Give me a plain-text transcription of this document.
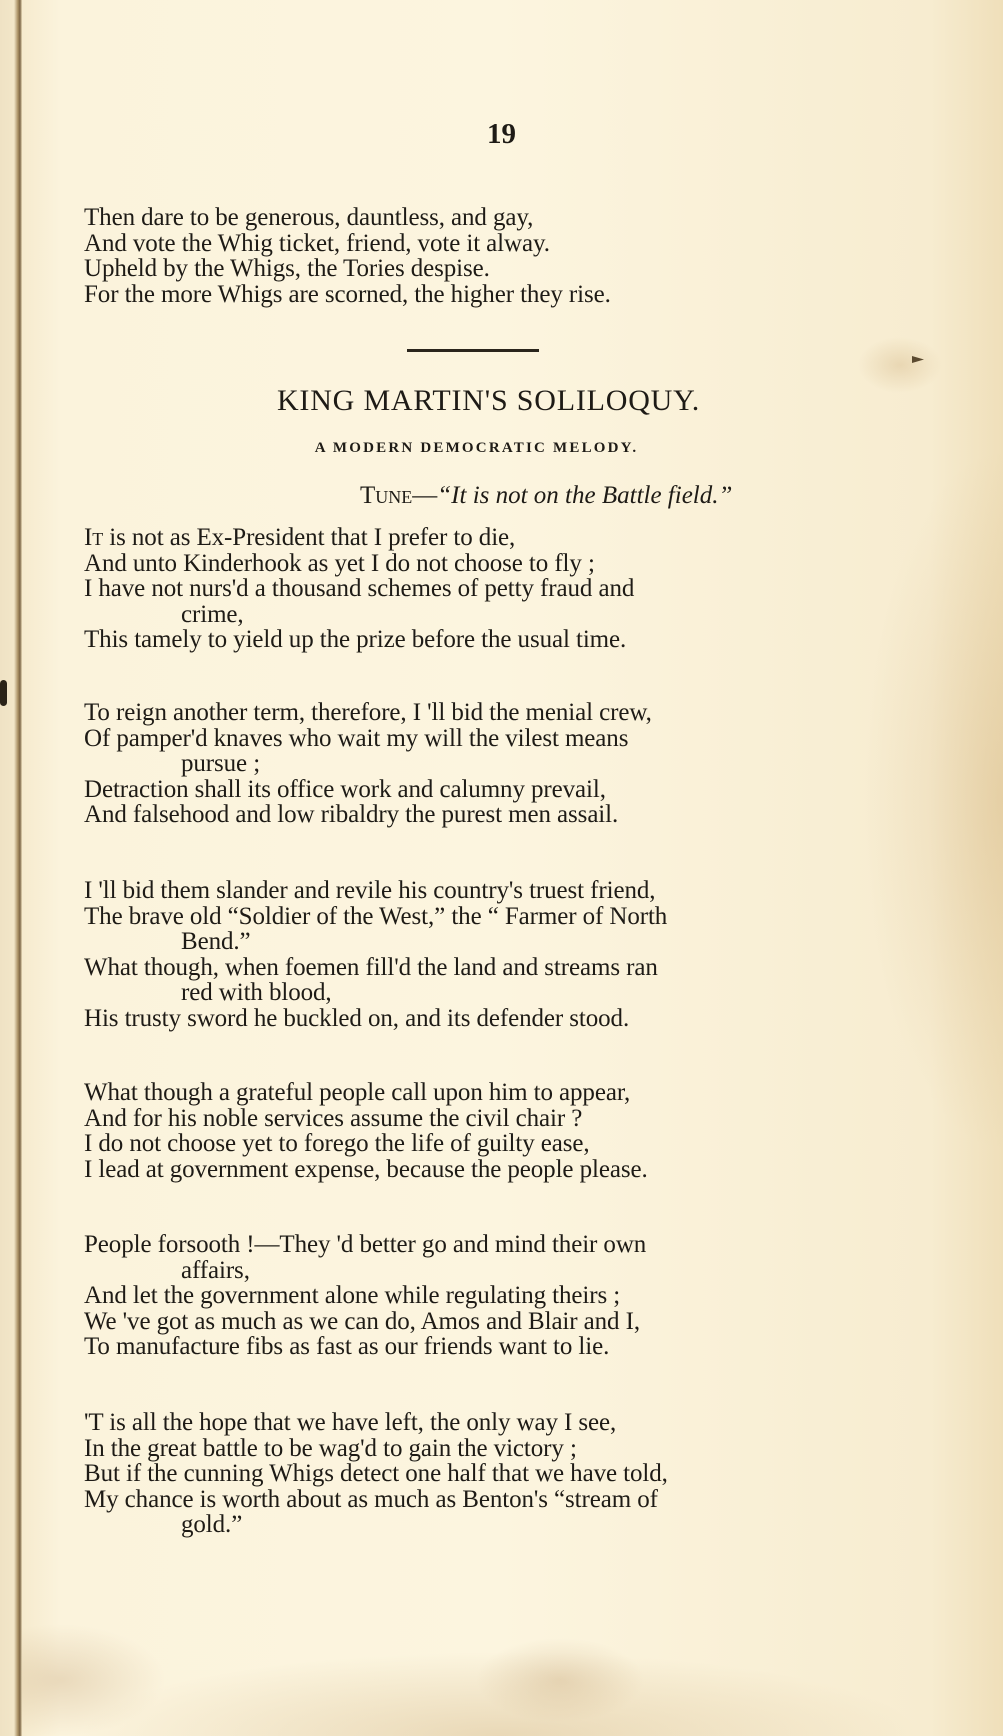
19
Then dare to be generous, dauntless, and gay,
And vote the Whig ticket, friend, vote it alway.
Upheld by the Whigs, the Tories despise.
For the more Whigs are scorned, the higher they rise.
KING MARTIN'S SOLILOQUY.
A MODERN DEMOCRATIC MELODY.
Tune—“It is not on the Battle field.”
It is not as Ex-President that I prefer to die,
And unto Kinderhook as yet I do not choose to fly ;
I have not nurs'd a thousand schemes of petty fraud and
crime,
This tamely to yield up the prize before the usual time.
To reign another term, therefore, I 'll bid the menial crew,
Of pamper'd knaves who wait my will the vilest means
pursue ;
Detraction shall its office work and calumny prevail,
And falsehood and low ribaldry the purest men assail.
I 'll bid them slander and revile his country's truest friend,
The brave old “Soldier of the West,” the “ Farmer of North
Bend.”
What though, when foemen fill'd the land and streams ran
red with blood,
His trusty sword he buckled on, and its defender stood.
What though a grateful people call upon him to appear,
And for his noble services assume the civil chair ?
I do not choose yet to forego the life of guilty ease,
I lead at government expense, because the people please.
People forsooth !—They 'd better go and mind their own
affairs,
And let the government alone while regulating theirs ;
We 've got as much as we can do, Amos and Blair and I,
To manufacture fibs as fast as our friends want to lie.
'T is all the hope that we have left, the only way I see,
In the great battle to be wag'd to gain the victory ;
But if the cunning Whigs detect one half that we have told,
My chance is worth about as much as Benton's “stream of
gold.”
